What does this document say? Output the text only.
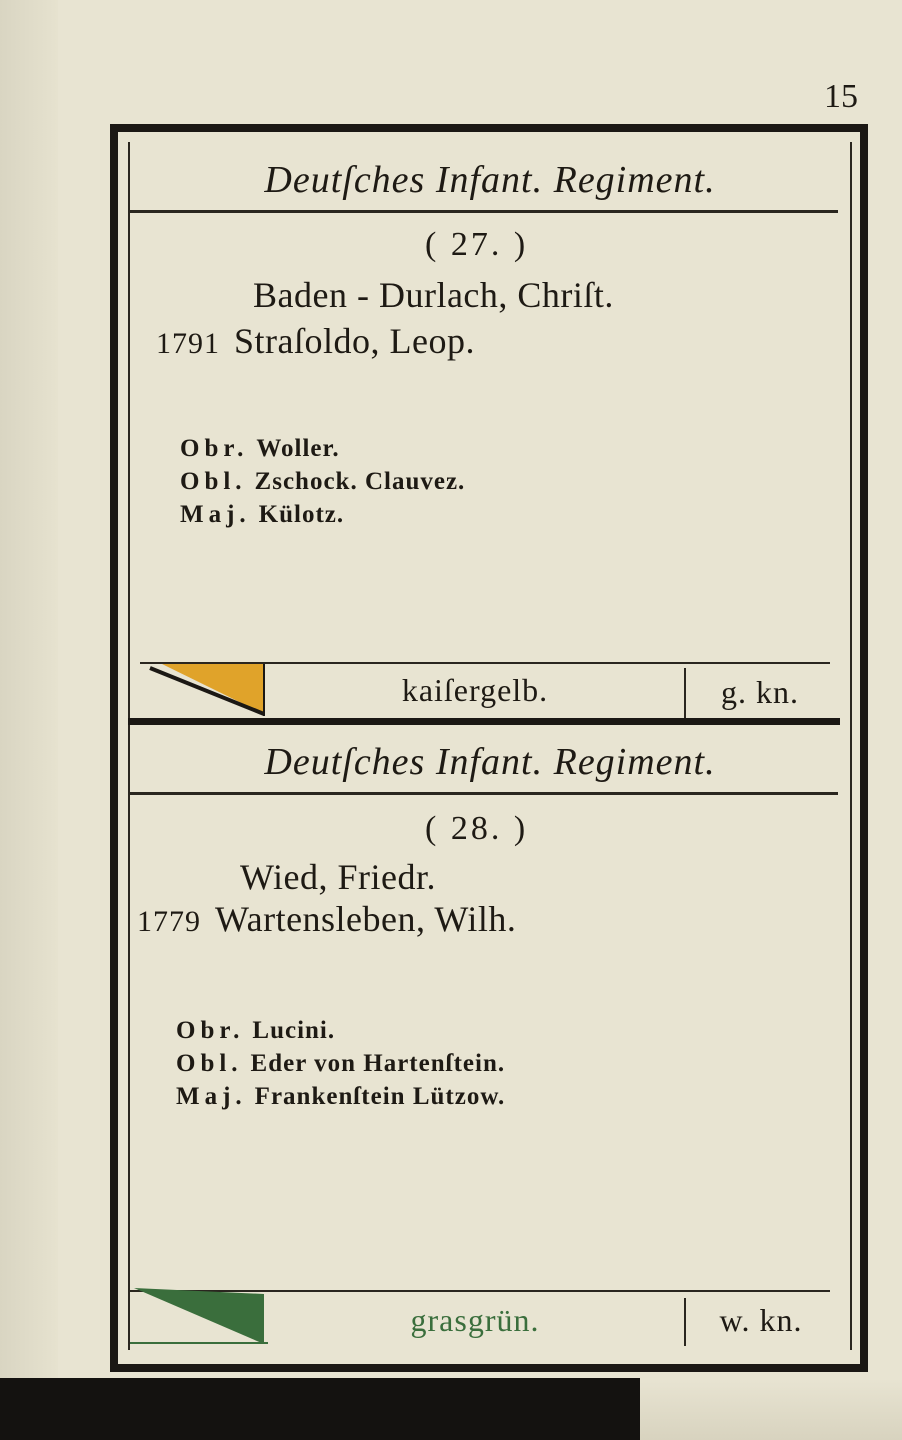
15
Deutſches Infant. Regiment.
( 27. )
Baden - Durlach, Chriſt.
1791 Straſoldo, Leop.
Obr. Woller.
Obl. Zschock. Clauvez.
Maj. Külotz.
kaiſergelb.	g. kn.
Deutſches Infant. Regiment.
( 28. )
Wied, Friedr.
1779 Wartensleben, Wilh.
Obr. Lucini.
Obl. Eder von Hartenſtein.
Maj. Frankenſtein Lützow.
grasgrün.	w. kn.
